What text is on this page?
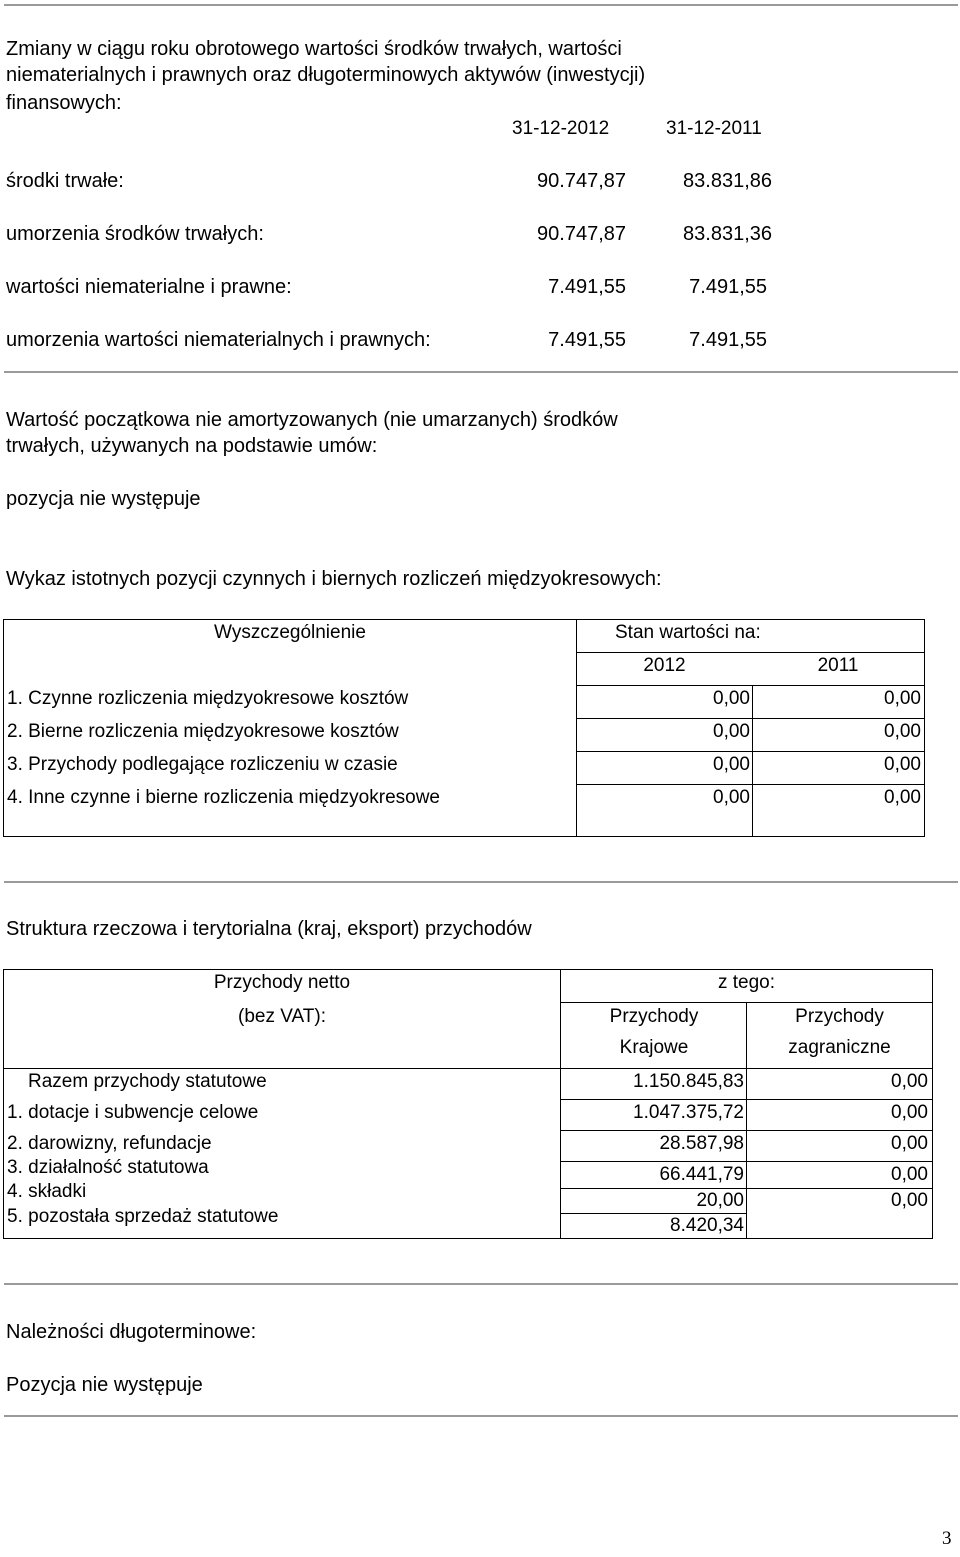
Zmiany w ciągu roku obrotowego wartości środków trwałych, wartości
niematerialnych i prawnych oraz długoterminowych aktywów (inwestycji)
finansowych:
31-12-2012	31-12-2011
środki trwałe:	90.747,87	83.831,86
umorzenia środków trwałych:	90.747,87	83.831,36
wartości niematerialne i prawne:	7.491,55	7.491,55
umorzenia wartości niematerialnych i prawnych:	7.491,55	7.491,55
Wartość początkowa nie amortyzowanych (nie umarzanych) środków
trwałych, używanych na podstawie umów:
pozycja nie występuje
Wykaz istotnych pozycji czynnych i biernych rozliczeń międzyokresowych:
Wyszczególnienie	Stan wartości na:
2012	2011
1. Czynne rozliczenia międzyokresowe kosztów	0,00	0,00
2. Bierne rozliczenia międzyokresowe kosztów	0,00	0,00
3. Przychody podlegające rozliczeniu w czasie	0,00	0,00
4. Inne czynne i bierne rozliczenia międzyokresowe	0,00	0,00
Struktura rzeczowa i terytorialna (kraj, eksport) przychodów
Przychody netto
(bez VAT):
z tego:
Przychody
Krajowe
Przychody
zagraniczne
Razem przychody statutowe	1.150.845,83	0,00
1. dotacje i subwencje celowe	1.047.375,72	0,00
2. darowizny, refundacje	28.587,98	0,00
3. działalność statutowa	66.441,79	0,00
4. składki	20,00	0,00
5. pozostała sprzedaż statutowe	8.420,34
Należności długoterminowe:
Pozycja nie występuje
3
